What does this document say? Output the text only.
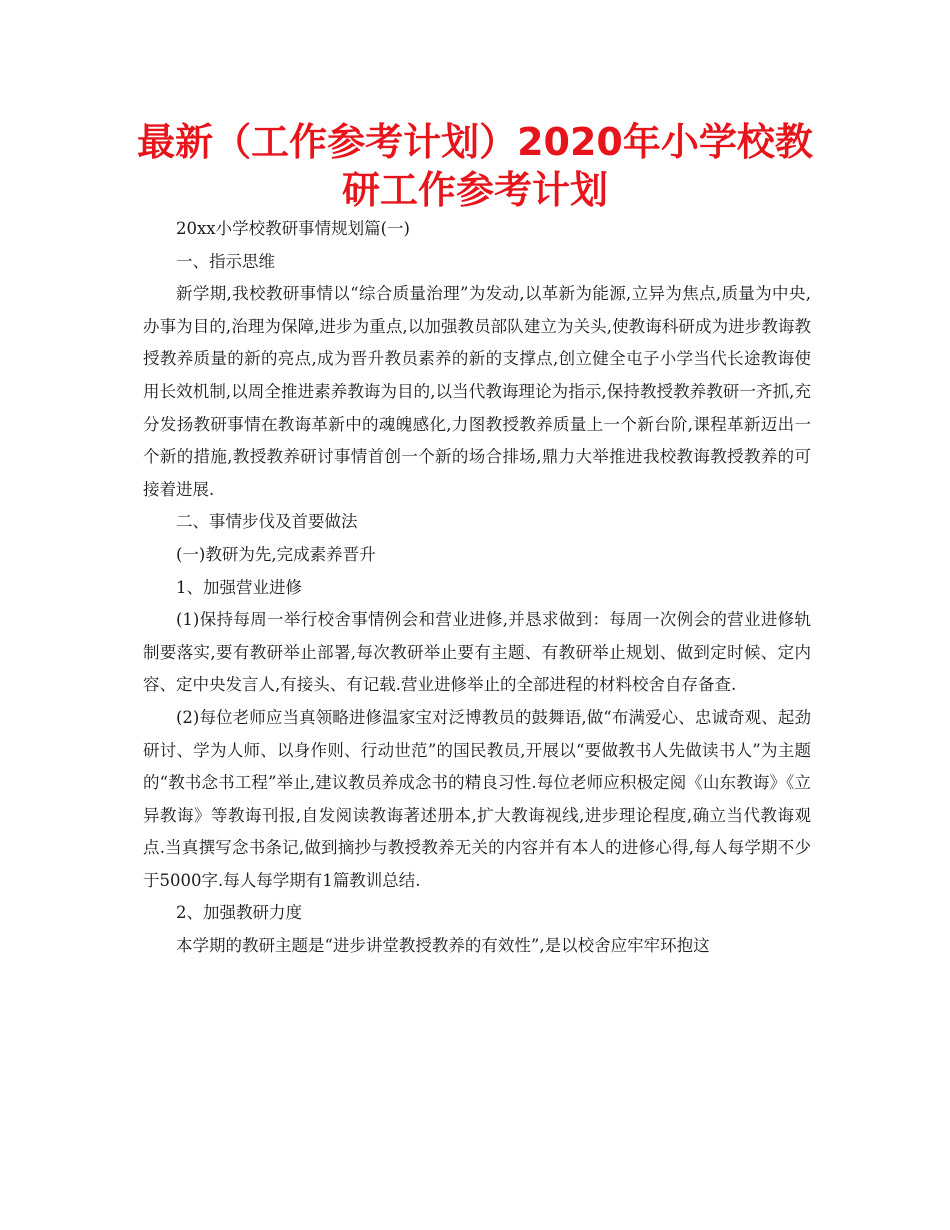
最新（工作参考计划）2020年小学校教研工作参考计划

20xx小学校教研事情规划篇(一)

一、指示思维

新学期,我校教研事情以“综合质量治理”为发动,以革新为能源,立异为焦点,质量为中央,办事为目的,治理为保障,进步为重点,以加强教员部队建立为关头,使教诲科研成为进步教诲教授教养质量的新的亮点,成为晋升教员素养的新的支撑点,创立健全屯子小学当代长途教诲使用长效机制,以周全推进素养教诲为目的,以当代教诲理论为指示,保持教授教养教研一齐抓,充分发扬教研事情在教诲革新中的魂魄感化,力图教授教养质量上一个新台阶,课程革新迈出一个新的措施,教授教养研讨事情首创一个新的场合排场,鼎力大举推进我校教诲教授教养的可接着进展.

二、事情步伐及首要做法

(一)教研为先,完成素养晋升

1、加强营业进修

(1)保持每周一举行校舍事情例会和营业进修,并恳求做到：每周一次例会的营业进修轨制要落实,要有教研举止部署,每次教研举止要有主题、有教研举止规划、做到定时候、定内容、定中央发言人,有接头、有记载.营业进修举止的全部进程的材料校舍自存备查.

(2)每位老师应当真领略进修温家宝对泛博教员的鼓舞语,做“布满爱心、忠诚奇观、起劲研讨、学为人师、以身作则、行动世范”的国民教员,开展以“要做教书人先做读书人”为主题的“教书念书工程”举止,建议教员养成念书的精良习性.每位老师应积极定阅《山东教诲》《立异教诲》等教诲刊报,自发阅读教诲著述册本,扩大教诲视线,进步理论程度,确立当代教诲观点.当真撰写念书条记,做到摘抄与教授教养无关的内容并有本人的进修心得,每人每学期不少于5000字.每人每学期有1篇教训总结.

2、加强教研力度

本学期的教研主题是“进步讲堂教授教养的有效性”,是以校舍应牢牢环抱这
